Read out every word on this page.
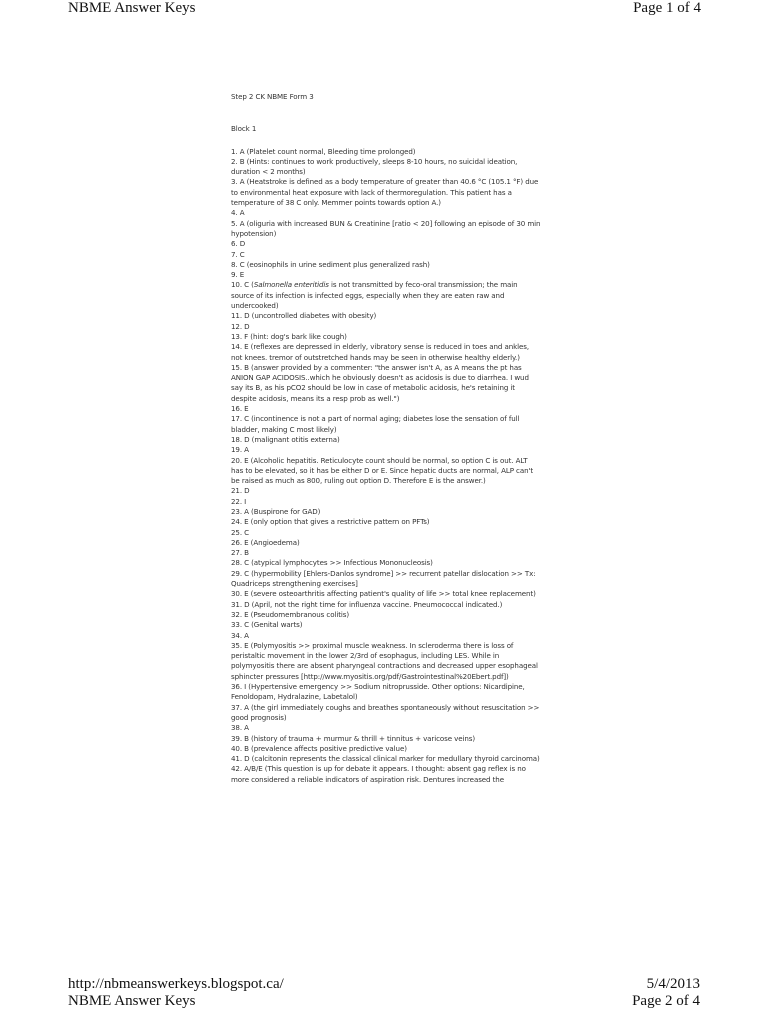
NBME Answer Keys	Page 1 of 4
Step 2 CK NBME Form 3
Block 1
1. A (Platelet count normal, Bleeding time prolonged)
2. B (Hints: continues to work productively, sleeps 8-10 hours, no suicidal ideation, duration < 2 months)
3. A (Heatstroke is defined as a body temperature of greater than 40.6 °C (105.1 °F) due to environmental heat exposure with lack of thermoregulation. This patient has a temperature of 38 C only. Memmer points towards option A.)
4. A
5. A (oliguria with increased BUN & Creatinine [ratio < 20] following an episode of 30 min hypotension)
6. D
7. C
8. C (eosinophils in urine sediment plus generalized rash)
9. E
10. C (Salmonella enteritidis is not transmitted by feco-oral transmission; the main source of its infection is infected eggs, especially when they are eaten raw and undercooked)
11. D (uncontrolled diabetes with obesity)
12. D
13. F (hint: dog's bark like cough)
14. E (reflexes are depressed in elderly, vibratory sense is reduced in toes and ankles, not knees. tremor of outstretched hands may be seen in otherwise healthy elderly.)
15. B (answer provided by a commenter: "the answer isn't A, as A means the pt has ANION GAP ACIDOSIS..which he obviously doesn't as acidosis is due to diarrhea. I wud say its B, as his pCO2 should be low in case of metabolic acidosis, he's retaining it despite acidosis, means its a resp prob as well.")
16. E
17. C (incontinence is not a part of normal aging; diabetes lose the sensation of full bladder, making C most likely)
18. D (malignant otitis externa)
19. A
20. E (Alcoholic hepatitis. Reticulocyte count should be normal, so option C is out. ALT has to be elevated, so it has be either D or E. Since hepatic ducts are normal, ALP can't be raised as much as 800, ruling out option D. Therefore E is the answer.)
21. D
22. I
23. A (Buspirone for GAD)
24. E (only option that gives a restrictive pattern on PFTs)
25. C
26. E (Angioedema)
27. B
28. C (atypical lymphocytes >> Infectious Mononucleosis)
29. C (hypermobility [Ehlers-Danlos syndrome] >> recurrent patellar dislocation >> Tx: Quadriceps strengthening exercises]
30. E (severe osteoarthritis affecting patient's quality of life >> total knee replacement)
31. D (April, not the right time for influenza vaccine. Pneumococcal indicated.)
32. E (Pseudomembranous colitis)
33. C (Genital warts)
34. A
35. E (Polymyositis >> proximal muscle weakness. In scleroderma there is loss of peristaltic movement in the lower 2/3rd of esophagus, including LES. While in polymyositis there are absent pharyngeal contractions and decreased upper esophageal sphincter pressures [http://www.myositis.org/pdf/Gastrointestinal%20Ebert.pdf])
36. I (Hypertensive emergency >> Sodium nitroprusside. Other options: Nicardipine, Fenoldopam, Hydralazine, Labetalol)
37. A (the girl immediately coughs and breathes spontaneously without resuscitation >> good prognosis)
38. A
39. B (history of trauma + murmur & thrill + tinnitus + varicose veins)
40. B (prevalence affects positive predictive value)
41. D (calcitonin represents the classical clinical marker for medullary thyroid carcinoma)
42. A/B/E (This question is up for debate it appears. I thought: absent gag reflex is no more considered a reliable indicators of aspiration risk. Dentures increased the
http://nbmeanswerkeys.blogspot.ca/	5/4/2013
NBME Answer Keys	Page 2 of 4
